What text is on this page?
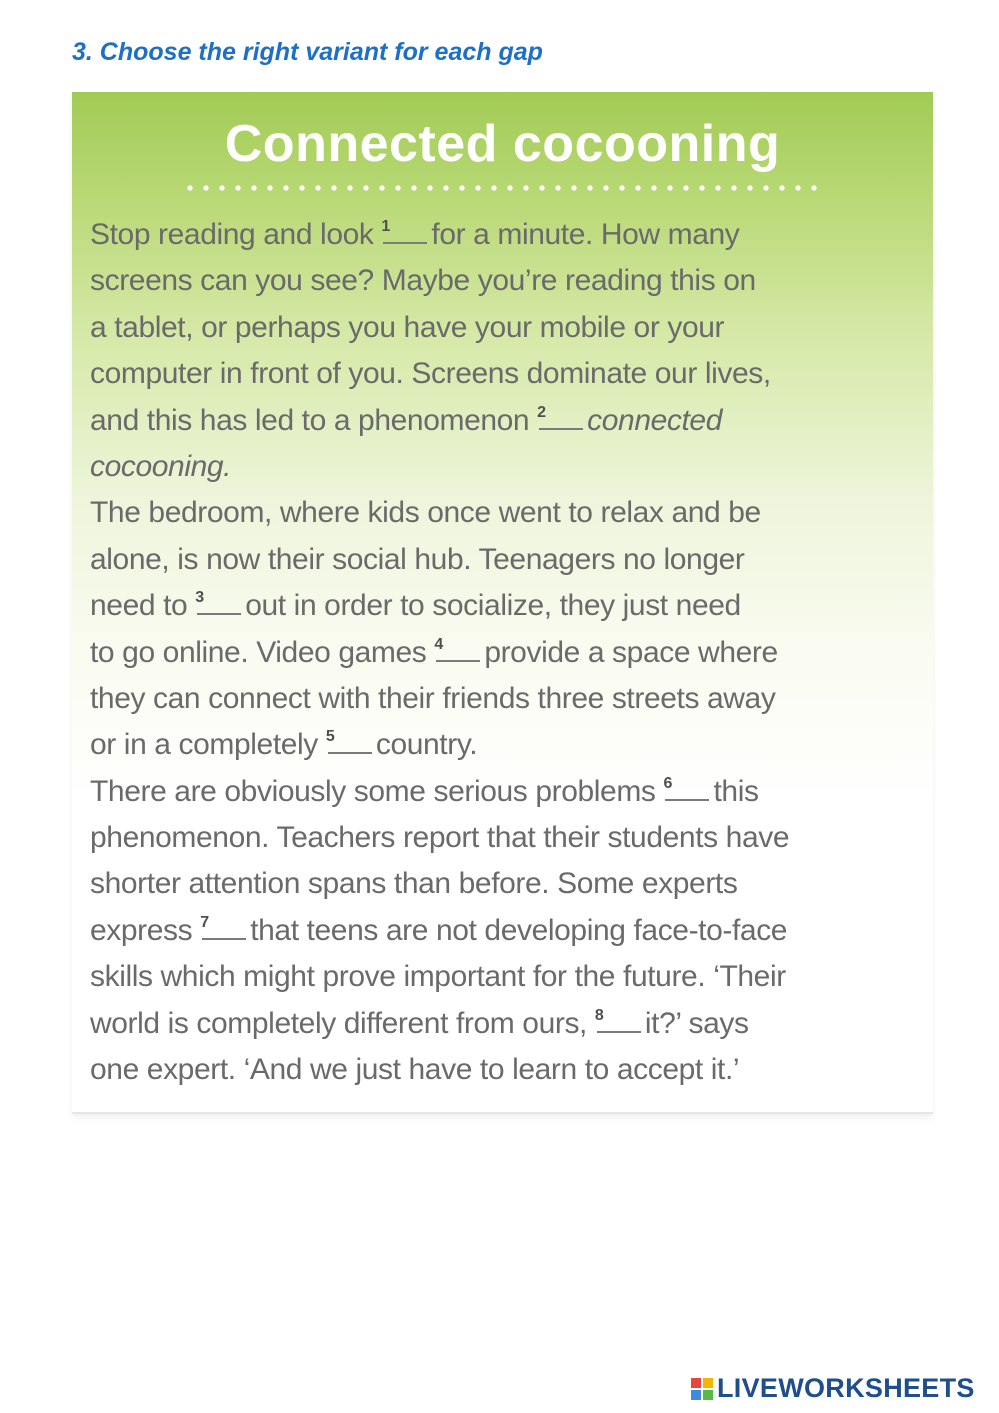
3. Choose the right variant for each gap
Connected cocooning
Stop reading and look 1 for a minute. How many
screens can you see? Maybe you’re reading this on
a tablet, or perhaps you have your mobile or your
computer in front of you. Screens dominate our lives,
and this has led to a phenomenon 2 connected
cocooning.
The bedroom, where kids once went to relax and be
alone, is now their social hub. Teenagers no longer
need to 3 out in order to socialize, they just need
to go online. Video games 4 provide a space where
they can connect with their friends three streets away
or in a completely 5 country.
There are obviously some serious problems 6 this
phenomenon. Teachers report that their students have
shorter attention spans than before. Some experts
express 7 that teens are not developing face-to-face
skills which might prove important for the future. ‘Their
world is completely different from ours, 8 it?’ says
one expert. ‘And we just have to learn to accept it.’
LIVEWORKSHEETS
